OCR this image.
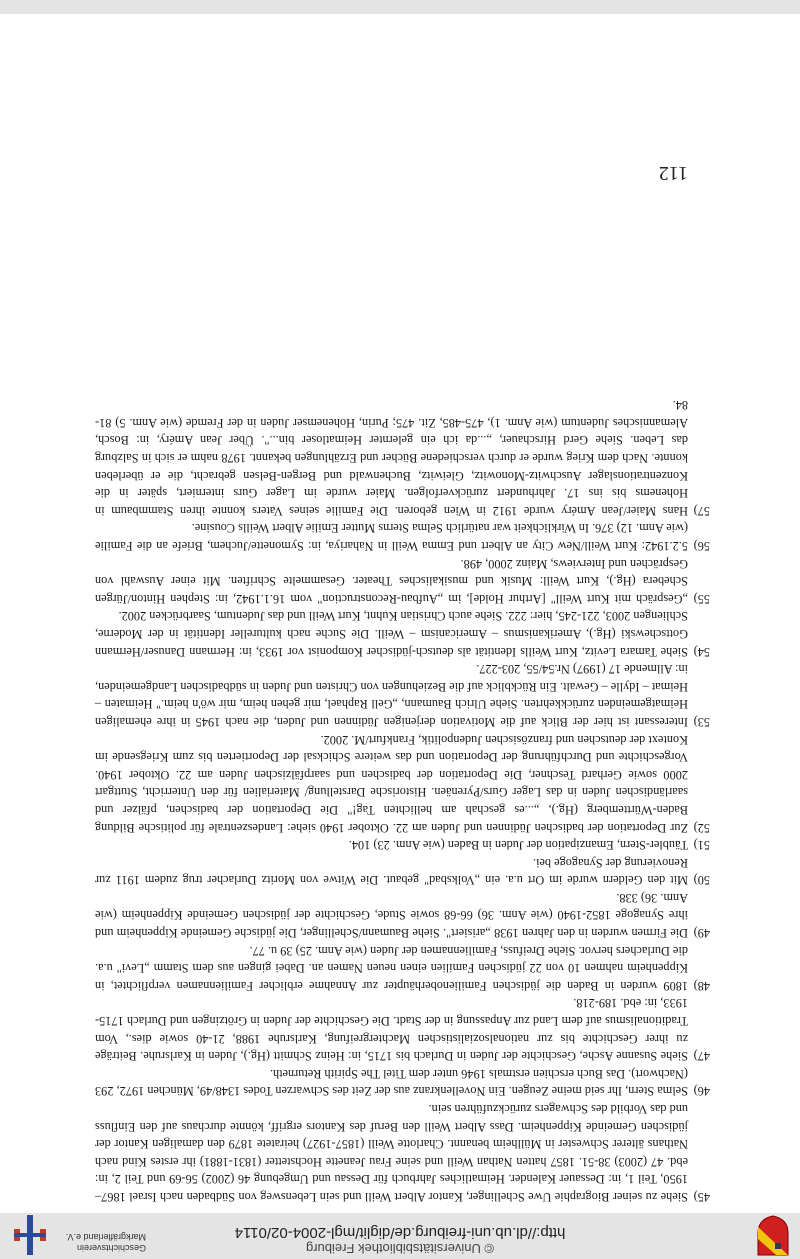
Geschichtsverein
Markgräflerland e.V.
© Universitätsbibliothek Freiburg
http://dl.ub.uni-freiburg.de/diglit/mgl-2004-02/0114
45)
Siehe zu seiner Biographie Uwe Schellinger, Kantor Albert Weill und sein Lebensweg von Südbaden nach Israel 1867–1950, Teil 1, in: Dessauer Kalender. Heimatliches Jahrbuch für Dessau und Umgebung 46 (2002) 56-69 und Teil 2, in: ebd. 47 (2003) 38-51. 1857 hatten Nathan Weill und seine Frau Jeanette Hochstetter (1831-1881) ihr erstes Kind nach Nathans älterer Schwester in Müllheim benannt. Charlotte Weill (1857-1927) heiratete 1879 den damaligen Kantor der jüdischen Gemeinde Kippenheim. Dass Albert Weill den Beruf des Kantors ergriff, könnte durchaus auf den Einfluss und das Vorbild des Schwagers zurückzuführen sein.
46)
Selma Stern, Ihr seid meine Zeugen. Ein Novellenkranz aus der Zeit des Schwarzen Todes 1348/49, München 1972, 293 (Nachwort). Das Buch erschien erstmals 1946 unter dem Titel The Spirith Returneth.
47)
Siehe Susanne Asche, Geschichte der Juden in Durlach bis 1715, in: Heinz Schmitt (Hg.), Juden in Karlsruhe. Beiträge zu ihrer Geschichte bis zur nationalsozialistischen Machtergreifung, Karlsruhe 1988, 21-40 sowie dies., Vom Traditionalismus auf dem Land zur Anpassung in der Stadt. Die Geschichte der Juden in Grötzingen und Durlach 1715-1933, in: ebd. 189-218.
48)
1809 wurden in Baden die jüdischen Familienoberhäupter zur Annahme erblicher Familiennamen verpflichtet, in Kippenheim nahmen 10 von 22 jüdischen Familien einen neuen Namen an. Dabei gingen aus dem Stamm „Levi" u.a. die Durlachers hervor. Siehe Dreifuss, Familiennamen der Juden (wie Anm. 25) 39 u. 77.
49)
Die Firmen wurden in den Jahren 1938 „arisiert". Siehe Baumann/Schellinger, Die jüdische Gemeinde Kippenheim und ihre Synagoge 1852-1940 (wie Anm. 36) 66-68 sowie Stude, Geschichte der jüdischen Gemeinde Kippenheim (wie Anm. 36) 338.
50)
Mit den Geldern wurde im Ort u.a. ein „Volksbad" gebaut. Die Witwe von Moritz Durlacher trug zudem 1911 zur Renovierung der Synagoge bei.
51)
Täubler-Stern, Emanzipation der Juden in Baden (wie Anm. 23) 104.
52)
Zur Deportation der badischen Jüdinnen und Juden am 22. Oktober 1940 siehe: Landeszentrale für politische Bildung Baden-Württemberg (Hg.), „...es geschah am hellichten Tag!" Die Deportation der badischen, pfälzer und saarländischen Juden in das Lager Gurs/Pyrenäen. Historische Darstellung/ Materialien für den Unterricht, Stuttgart 2000 sowie Gerhard Teschner, Die Deportation der badischen und saarpfälzischen Juden am 22. Oktober 1940. Vorgeschichte und Durchführung der Deportation und das weitere Schicksal der Deportierten bis zum Kriegsende im Kontext der deutschen und französischen Judenpolitik, Frankfurt/M. 2002.
53)
Interessant ist hier der Blick auf die Motivation derjenigen Jüdinnen und Juden, die nach 1945 in ihre ehemaligen Heimatgemeinden zurückkehrten. Siehe Ulrich Baumann, „Gell Raphael, mir gehen heim, mir wö'n heim." Heimaten – Heimat – Idylle – Gewalt. Ein Rückblick auf die Beziehungen von Christen und Juden in südbadischen Landgemeinden, in: Allmende 17 (1997) Nr.54/55, 203-227.
54)
Siehe Tamara Levitz, Kurt Weills Identität als deutsch-jüdischer Komponist vor 1933, in: Hermann Danuser/Hermann Gottschewski (Hg.), Amerikanismus – Americanism – Weill. Die Suche nach kultureller Identität in der Moderne, Schliengen 2003, 221-245, hier: 222. Siehe auch Christian Kuhnt, Kurt Weill und das Judentum, Saarbrücken 2002.
55)
„Gespräch mit Kurt Weill" [Arthur Holde], im „Aufbau-Reconstruction" vom 16.1.1942, in: Stephen Hinton/Jürgen Schebera (Hg.), Kurt Weill: Musik und musikalisches Theater. Gesammelte Schriften. Mit einer Auswahl von Gesprächen und Interviews, Mainz 2000, 498.
56)
5.2.1942: Kurt Weill/New City an Albert und Emma Weill in Nahariya, in: Symonette/Juchem, Briefe an die Familie (wie Anm. 12) 376. In Wirklichkeit war natürlich Selma Sterns Mutter Emilie Albert Weills Cousine.
57)
Hans Maier/Jean Améry wurde 1912 in Wien geboren. Die Familie seines Vaters konnte ihren Stammbaum in Hohenems bis ins 17. Jahrhundert zurückverfolgen. Maier wurde im Lager Gurs interniert, später in die Konzentrationslager Auschwitz-Monowitz, Gleiwitz, Buchenwald und Bergen-Belsen gebracht, die er überleben konnte. Nach dem Krieg wurde er durch verschiedene Bücher und Erzählungen bekannt. 1978 nahm er sich in Salzburg das Leben. Siehe Gerd Hirschauer, „...da ich ein gelernter Heimatloser bin...". Über Jean Améry, in: Bosch, Alemannisches Judentum (wie Anm. 1), 475-485, Zit. 475; Purin, Hohenemser Juden in der Fremde (wie Anm. 5) 81-84.
112
